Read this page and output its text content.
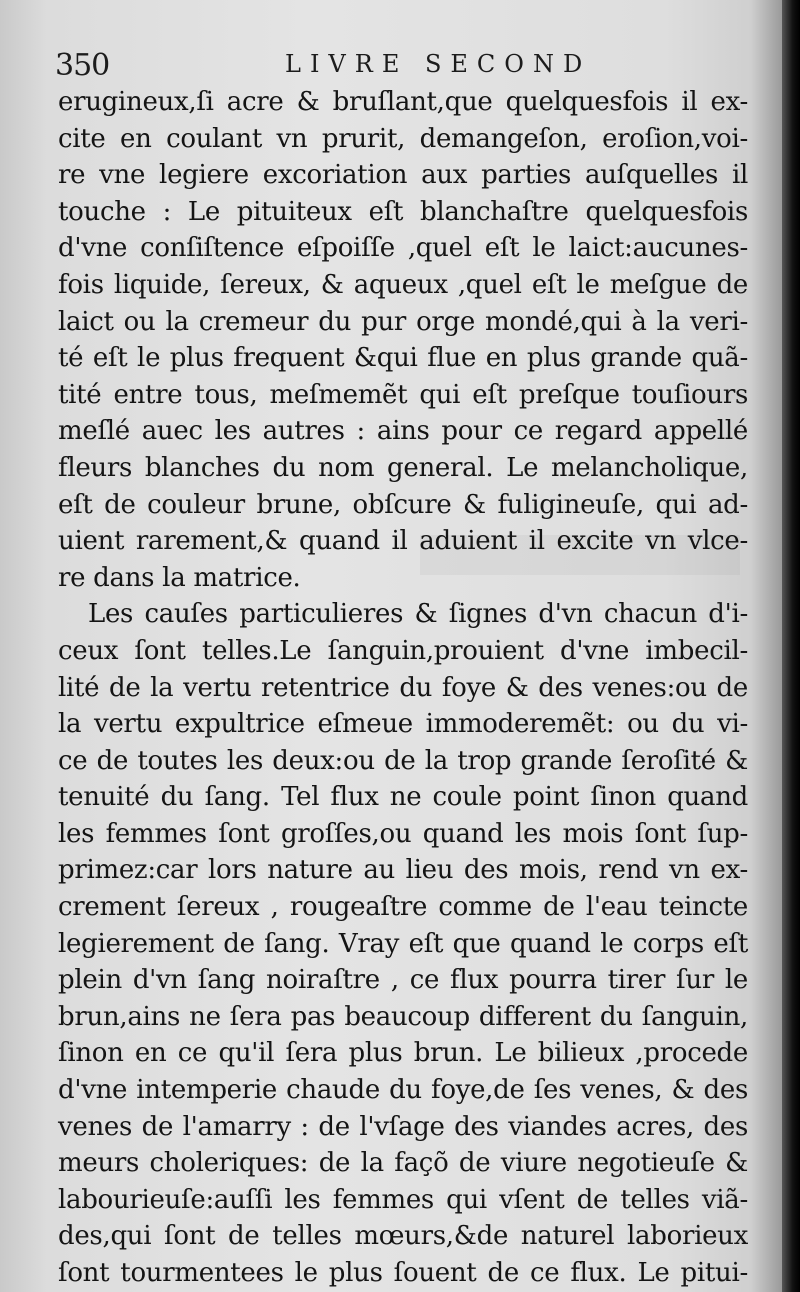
350	LIVRE SECOND
erugineux,ſi acre & bruſlant,que quelquesfois il ex-
cite en coulant vn prurit, demangeſon, eroſion,voi-
re vne legiere excoriation aux parties auſquelles il
touche : Le pituiteux eſt blanchaſtre quelquesfois
d'vne conſiſtence eſpoiſſe ,quel eſt le laict:aucunes-
fois liquide, ſereux, & aqueux ,quel eſt le meſgue de
laict ou la cremeur du pur orge mondé,qui à la veri-
té eſt le plus frequent &qui flue en plus grande quã-
tité entre tous, meſmemẽt qui eſt preſque touſiours
meſlé auec les autres : ains pour ce regard appellé
fleurs blanches du nom general. Le melancholique,
eſt de couleur brune, obſcure & fuligineuſe, qui ad-
uient rarement,& quand il aduient il excite vn vlce-
re dans la matrice.
Les cauſes particulieres & ſignes d'vn chacun d'i-
ceux ſont telles.Le ſanguin,prouient d'vne imbecil-
lité de la vertu retentrice du foye & des venes:ou de
la vertu expultrice eſmeue immoderemẽt: ou du vi-
ce de toutes les deux:ou de la trop grande ſeroſité &
tenuité du ſang. Tel flux ne coule point ſinon quand
les femmes ſont groſſes,ou quand les mois ſont ſup-
primez:car lors nature au lieu des mois, rend vn ex-
crement ſereux , rougeaſtre comme de l'eau teincte
legierement de ſang. Vray eſt que quand le corps eſt
plein d'vn ſang noiraſtre , ce flux pourra tirer ſur le
brun,ains ne ſera pas beaucoup different du ſanguin,
ſinon en ce qu'il ſera plus brun. Le bilieux ,procede
d'vne intemperie chaude du foye,de ſes venes, & des
venes de l'amarry : de l'vſage des viandes acres, des
meurs choleriques: de la façõ de viure negotieuſe &
labourieuſe:auſſi les femmes qui vſent de telles viã-
des,qui ſont de telles mœurs,&de naturel laborieux
ſont tourmentees le plus ſouent de ce flux. Le pitui-
